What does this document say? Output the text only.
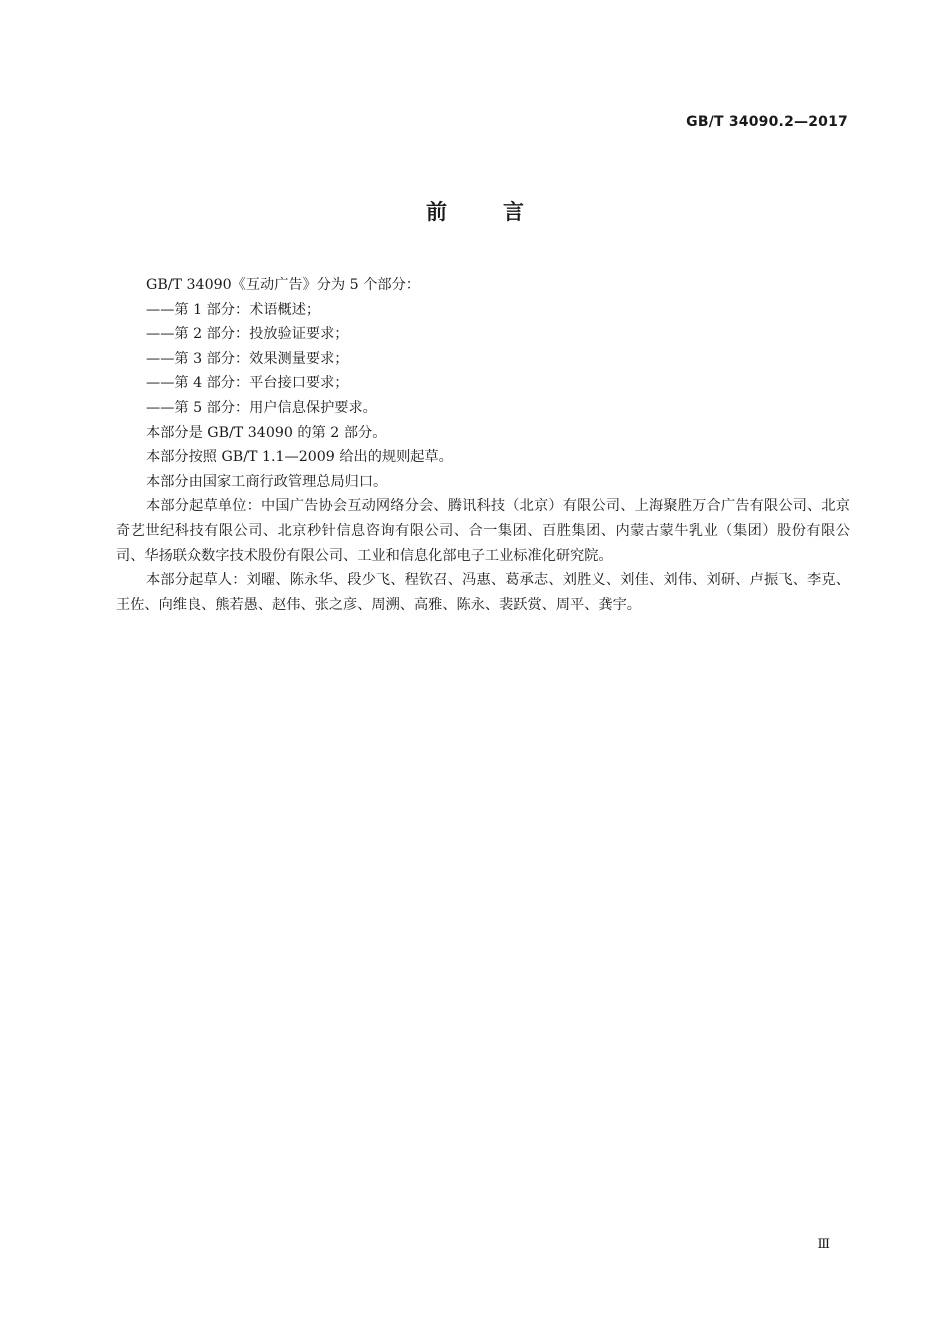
GB/T 34090.2—2017
前言

GB/T 34090《互动广告》分为 5 个部分：

——第 1 部分：术语概述；

——第 2 部分：投放验证要求；

——第 3 部分：效果测量要求；

——第 4 部分：平台接口要求；

——第 5 部分：用户信息保护要求。

本部分是 GB/T 34090 的第 2 部分。

本部分按照 GB/T 1.1—2009 给出的规则起草。

本部分由国家工商行政管理总局归口。

本部分起草单位：中国广告协会互动网络分会、腾讯科技（北京）有限公司、上海聚胜万合广告有限公司、北京奇艺世纪科技有限公司、北京秒针信息咨询有限公司、合一集团、百胜集团、内蒙古蒙牛乳业（集团）股份有限公司、华扬联众数字技术股份有限公司、工业和信息化部电子工业标准化研究院。

本部分起草人：刘曜、陈永华、段少飞、程钦召、冯惠、葛承志、刘胜义、刘佳、刘伟、刘研、卢振飞、李克、王佐、向维良、熊若愚、赵伟、张之彦、周溯、高雅、陈永、裴跃赏、周平、龚宇。

Ⅲ
